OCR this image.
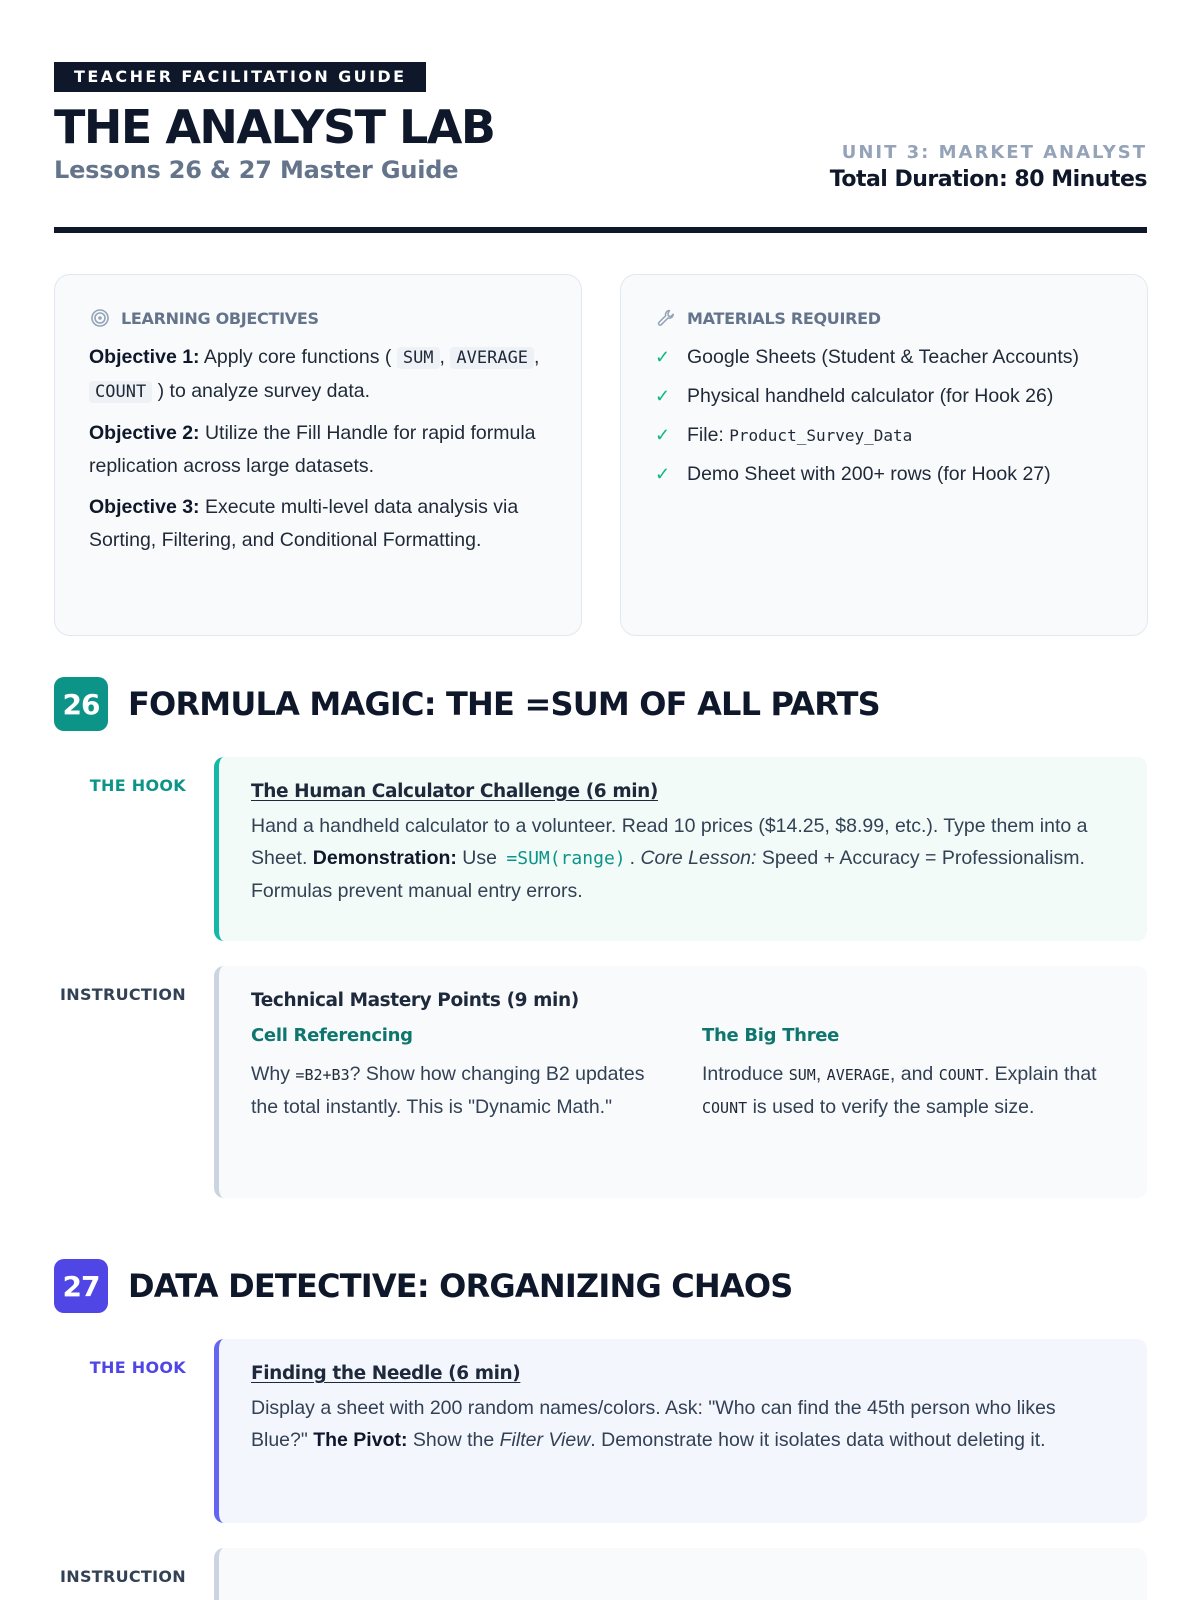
TEACHER FACILITATION GUIDE
THE ANALYST LAB
Lessons 26 & 27 Master Guide
UNIT 3: MARKET ANALYST
Total Duration: 80 Minutes
LEARNING OBJECTIVES
Objective 1: Apply core functions ( SUM , AVERAGE , COUNT ) to analyze survey data.
Objective 2: Utilize the Fill Handle for rapid formula replication across large datasets.
Objective 3: Execute multi-level data analysis via Sorting, Filtering, and Conditional Formatting.
MATERIALS REQUIRED
✓ Google Sheets (Student & Teacher Accounts)
✓ Physical handheld calculator (for Hook 26)
✓ File: Product_Survey_Data
✓ Demo Sheet with 200+ rows (for Hook 27)
26 FORMULA MAGIC: THE =SUM OF ALL PARTS
THE HOOK	The Human Calculator Challenge (6 min)
Hand a handheld calculator to a volunteer. Read 10 prices ($14.25, $8.99, etc.). Type them into a Sheet. Demonstration: Use =SUM(range) . Core Lesson: Speed + Accuracy = Professionalism. Formulas prevent manual entry errors.
INSTRUCTION	Technical Mastery Points (9 min)
Cell Referencing
Why =B2+B3? Show how changing B2 updates the total instantly. This is "Dynamic Math."
The Big Three
Introduce SUM, AVERAGE, and COUNT. Explain that COUNT is used to verify the sample size.
27 DATA DETECTIVE: ORGANIZING CHAOS
THE HOOK	Finding the Needle (6 min)
Display a sheet with 200 random names/colors. Ask: "Who can find the 45th person who likes Blue?" The Pivot: Show the Filter View. Demonstrate how it isolates data without deleting it.
INSTRUCTION
